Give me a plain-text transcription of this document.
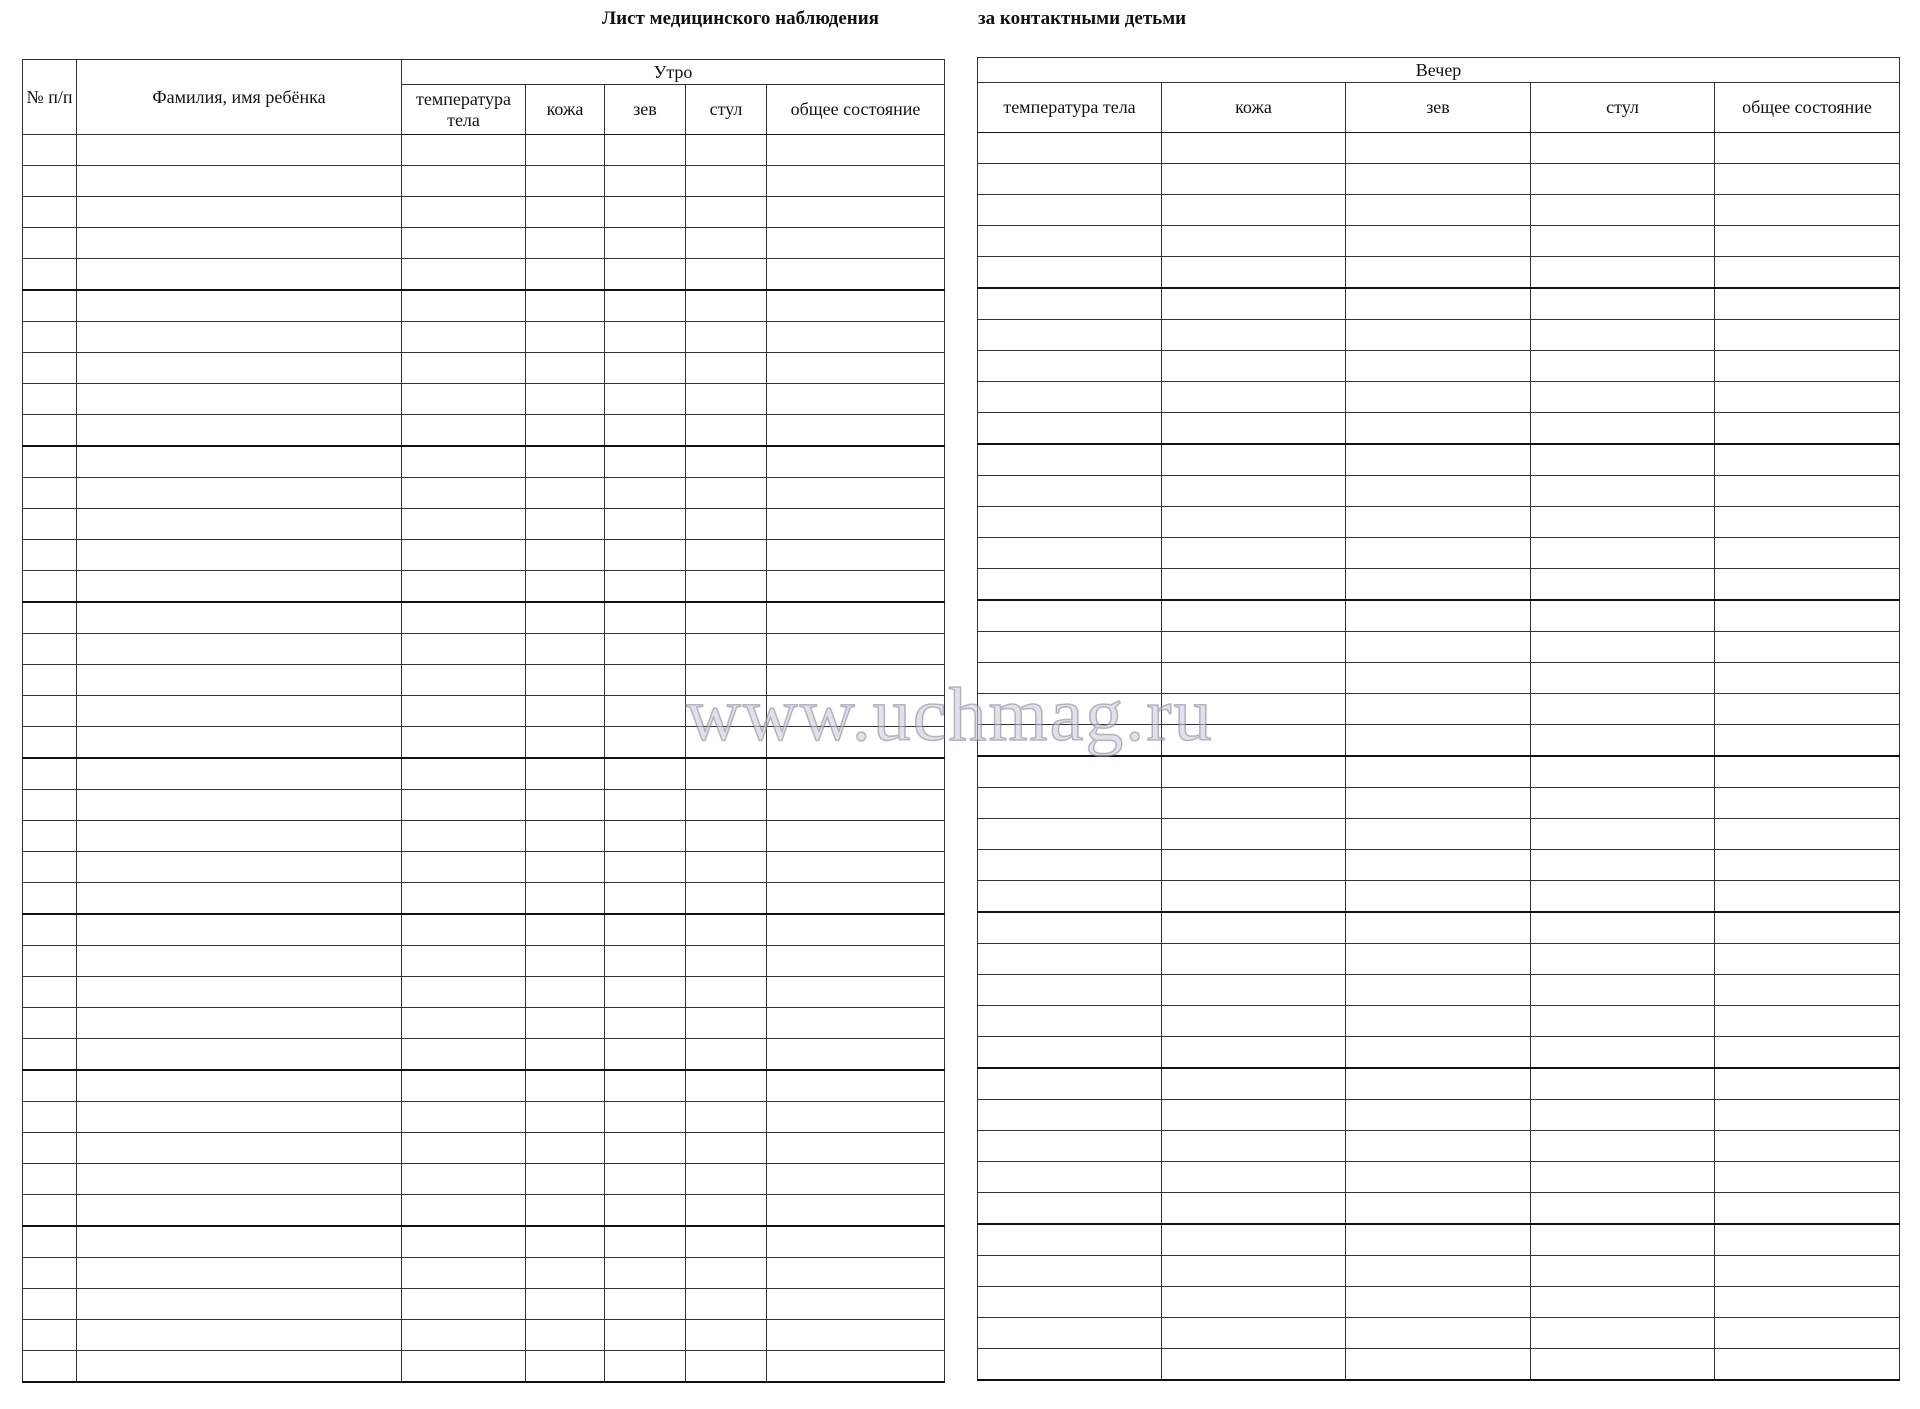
Лист медицинского наблюдения	за контактными детьми
№ п/п	Фамилия, имя ребёнка	Утро				
		температура тела	кожа	зев	стул	общее состояние

Вечер				
температура тела	кожа	зев	стул	общее состояние

www.uchmag.ru
